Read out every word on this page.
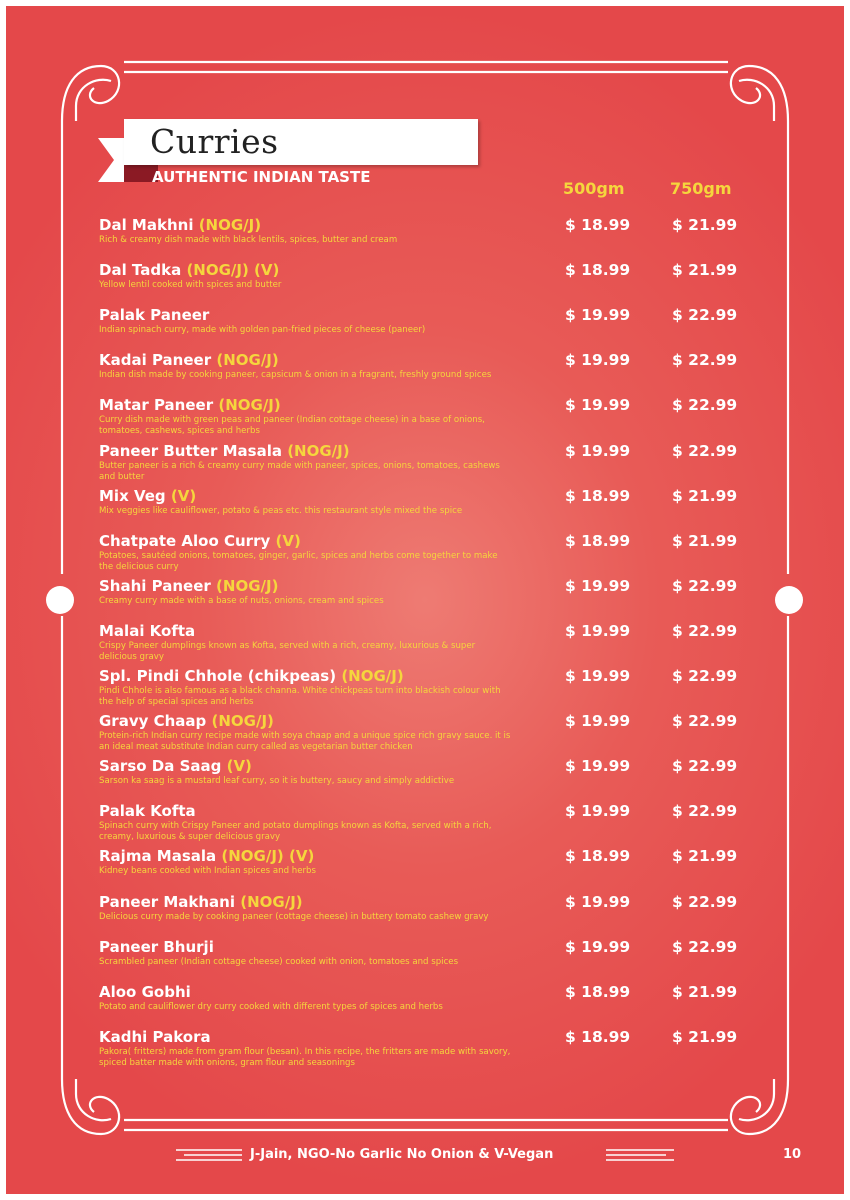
Curries
AUTHENTIC INDIAN TASTE
500gm	750gm
Dal Makhni (NOG/J)
Rich & creamy dish made with black lentils, spices, butter and cream
$ 18.99	$ 21.99
Dal Tadka (NOG/J) (V)
Yellow lentil cooked with spices and butter
$ 18.99	$ 21.99
Palak Paneer
Indian spinach curry, made with golden pan-fried pieces of cheese (paneer)
$ 19.99	$ 22.99
Kadai Paneer (NOG/J)
Indian dish made by cooking paneer, capsicum & onion in a fragrant, freshly ground spices
$ 19.99	$ 22.99
Matar Paneer (NOG/J)
Curry dish made with green peas and paneer (Indian cottage cheese) in a base of onions, tomatoes, cashews, spices and herbs
$ 19.99	$ 22.99
Paneer Butter Masala (NOG/J)
Butter paneer is a rich & creamy curry made with paneer, spices, onions, tomatoes, cashews and butter
$ 19.99	$ 22.99
Mix Veg (V)
Mix veggies like cauliflower, potato & peas etc. this restaurant style mixed the spice
$ 18.99	$ 21.99
Chatpate Aloo Curry (V)
Potatoes, sautéed onions, tomatoes, ginger, garlic, spices and herbs come together to make the delicious curry
$ 18.99	$ 21.99
Shahi Paneer (NOG/J)
Creamy curry made with a base of nuts, onions, cream and spices
$ 19.99	$ 22.99
Malai Kofta
Crispy Paneer dumplings known as Kofta, served with a rich, creamy, luxurious & super delicious gravy
$ 19.99	$ 22.99
Spl. Pindi Chhole (chikpeas) (NOG/J)
Pindi Chhole is also famous as a black channa. White chickpeas turn into blackish colour with the help of special spices and herbs
$ 19.99	$ 22.99
Gravy Chaap (NOG/J)
Protein-rich Indian curry recipe made with soya chaap and a unique spice rich gravy sauce. it is an ideal meat substitute Indian curry called as vegetarian butter chicken
$ 19.99	$ 22.99
Sarso Da Saag (V)
Sarson ka saag is a mustard leaf curry, so it is buttery, saucy and simply addictive
$ 19.99	$ 22.99
Palak Kofta
Spinach curry with Crispy Paneer and potato dumplings known as Kofta, served with a rich, creamy, luxurious & super delicious gravy
$ 19.99	$ 22.99
Rajma Masala (NOG/J) (V)
Kidney beans cooked with Indian spices and herbs
$ 18.99	$ 21.99
Paneer Makhani (NOG/J)
Delicious curry made by cooking paneer (cottage cheese) in buttery tomato cashew gravy
$ 19.99	$ 22.99
Paneer Bhurji
Scrambled paneer (Indian cottage cheese) cooked with onion, tomatoes and spices
$ 19.99	$ 22.99
Aloo Gobhi
Potato and cauliflower dry curry cooked with different types of spices and herbs
$ 18.99	$ 21.99
Kadhi Pakora
Pakora( fritters) made from gram flour (besan). In this recipe, the fritters are made with savory, spiced batter made with onions, gram flour and seasonings
$ 18.99	$ 21.99
J-Jain, NGO-No Garlic No Onion & V-Vegan	10
